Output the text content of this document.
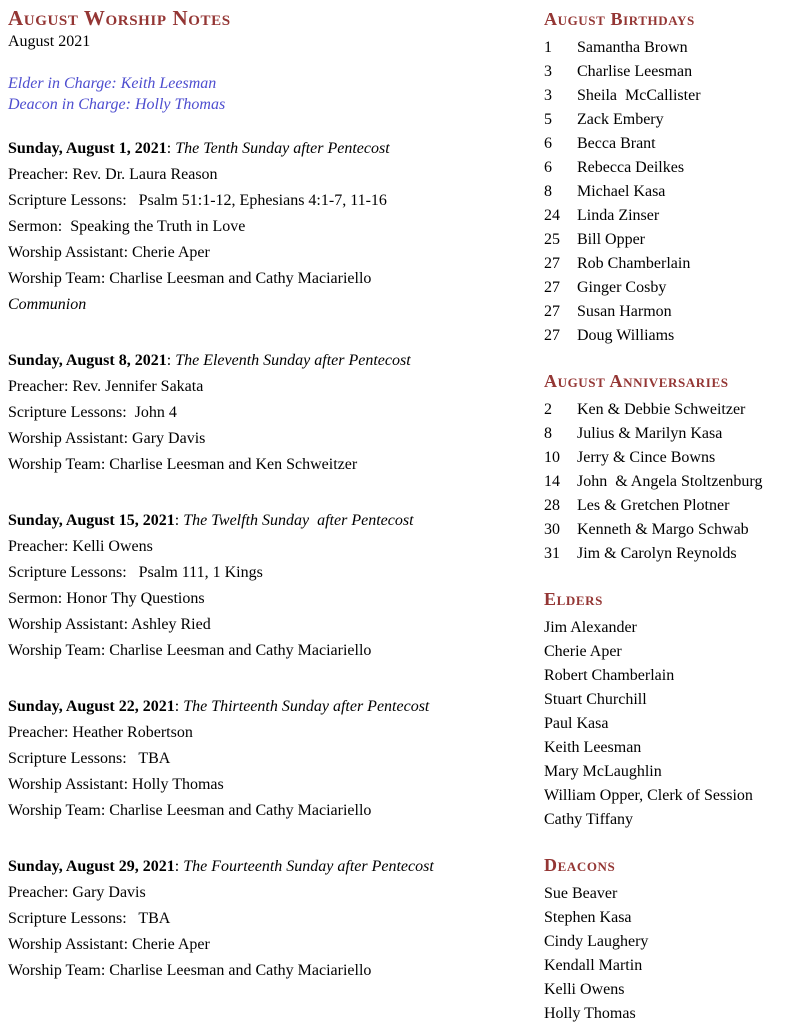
August Worship Notes

August 2021

Elder in Charge: Keith Leesman

Deacon in Charge: Holly Thomas

Sunday, August 1, 2021: The Tenth Sunday after Pentecost

Preacher: Rev. Dr. Laura Reason

Scripture Lessons:   Psalm 51:1-12, Ephesians 4:1-7, 11-16

Sermon:  Speaking the Truth in Love

Worship Assistant: Cherie Aper

Worship Team: Charlise Leesman and Cathy Maciariello

Communion

Sunday, August 8, 2021: The Eleventh Sunday after Pentecost

Preacher: Rev. Jennifer Sakata

Scripture Lessons:  John 4

Worship Assistant: Gary Davis

Worship Team: Charlise Leesman and Ken Schweitzer

Sunday, August 15, 2021: The Twelfth Sunday  after Pentecost

Preacher: Kelli Owens

Scripture Lessons:   Psalm 111, 1 Kings

Sermon: Honor Thy Questions

Worship Assistant: Ashley Ried

Worship Team: Charlise Leesman and Cathy Maciariello

Sunday, August 22, 2021: The Thirteenth Sunday after Pentecost

Preacher: Heather Robertson

Scripture Lessons:   TBA

Worship Assistant: Holly Thomas

Worship Team: Charlise Leesman and Cathy Maciariello

Sunday, August 29, 2021: The Fourteenth Sunday after Pentecost

Preacher: Gary Davis

Scripture Lessons:   TBA

Worship Assistant: Cherie Aper

Worship Team: Charlise Leesman and Cathy Maciariello

August Birthdays
1	Samantha Brown
3	Charlise Leesman
3	Sheila  McCallister
5	Zack Embery
6	Becca Brant
6	Rebecca Deilkes
8	Michael Kasa
24	Linda Zinser
25	Bill Opper
27	Rob Chamberlain
27	Ginger Cosby
27	Susan Harmon
27	Doug Williams
August Anniversaries
2	Ken & Debbie Schweitzer
8	Julius & Marilyn Kasa
10	Jerry & Cince Bowns
14	John  & Angela Stoltzenburg
28	Les & Gretchen Plotner
30	Kenneth & Margo Schwab
31	Jim & Carolyn Reynolds
Elders

Jim Alexander

Cherie Aper

Robert Chamberlain

Stuart Churchill

Paul Kasa

Keith Leesman

Mary McLaughlin

William Opper, Clerk of Session

Cathy Tiffany

Deacons

Sue Beaver

Stephen Kasa

Cindy Laughery

Kendall Martin

Kelli Owens

Holly Thomas
